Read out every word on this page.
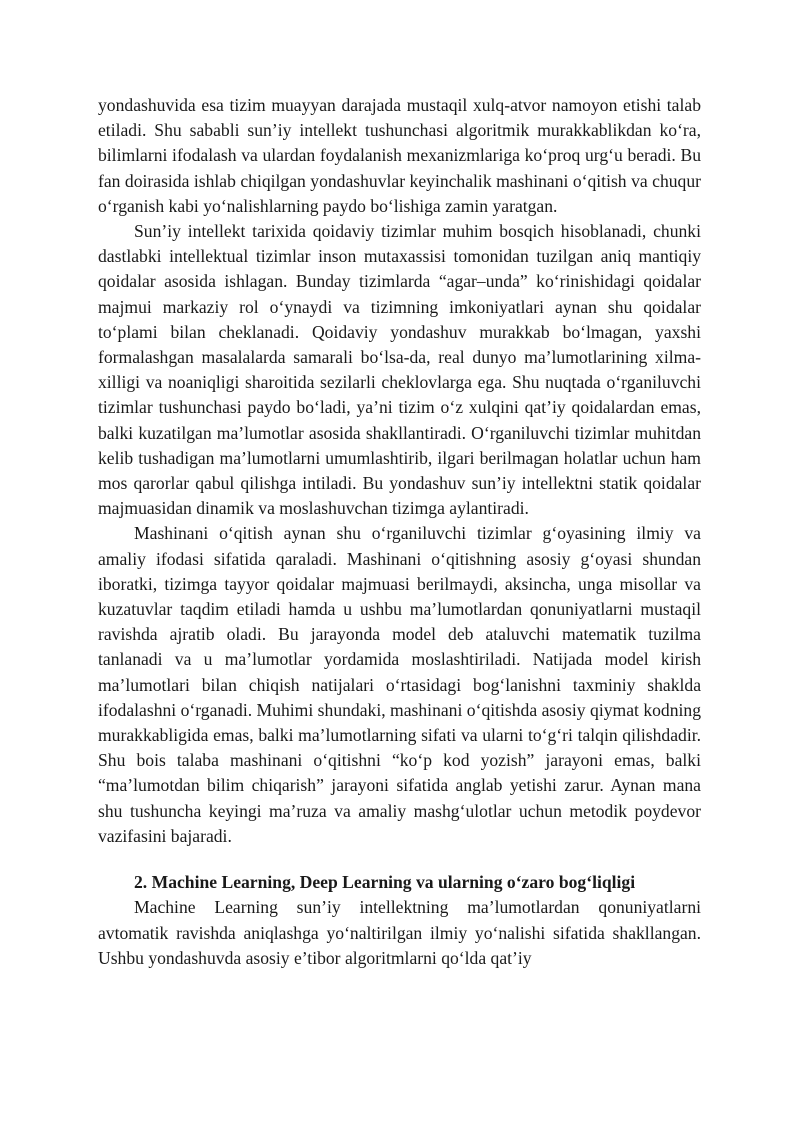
yondashuvida esa tizim muayyan darajada mustaqil xulq-atvor namoyon etishi talab etiladi. Shu sababli sun’iy intellekt tushunchasi algoritmik murakkablikdan ko‘ra, bilimlarni ifodalash va ulardan foydalanish mexanizmlariga ko‘proq urg‘u beradi. Bu fan doirasida ishlab chiqilgan yondashuvlar keyinchalik mashinani o‘qitish va chuqur o‘rganish kabi yo‘nalishlarning paydo bo‘lishiga zamin yaratgan.

Sun’iy intellekt tarixida qoidaviy tizimlar muhim bosqich hisoblanadi, chunki dastlabki intellektual tizimlar inson mutaxassisi tomonidan tuzilgan aniq mantiqiy qoidalar asosida ishlagan. Bunday tizimlarda “agar–unda” ko‘rinishidagi qoidalar majmui markaziy rol o‘ynaydi va tizimning imkoniyatlari aynan shu qoidalar to‘plami bilan cheklanadi. Qoidaviy yondashuv murakkab bo‘lmagan, yaxshi formalashgan masalalarda samarali bo‘lsa-da, real dunyo ma’lumotlarining xilma-xilligi va noaniqligi sharoitida sezilarli cheklovlarga ega. Shu nuqtada o‘rganiluvchi tizimlar tushunchasi paydo bo‘ladi, ya’ni tizim o‘z xulqini qat’iy qoidalardan emas, balki kuzatilgan ma’lumotlar asosida shakllantiradi. O‘rganiluvchi tizimlar muhitdan kelib tushadigan ma’lumotlarni umumlashtirib, ilgari berilmagan holatlar uchun ham mos qarorlar qabul qilishga intiladi. Bu yondashuv sun’iy intellektni statik qoidalar majmuasidan dinamik va moslashuvchan tizimga aylantiradi.

Mashinani o‘qitish aynan shu o‘rganiluvchi tizimlar g‘oyasining ilmiy va amaliy ifodasi sifatida qaraladi. Mashinani o‘qitishning asosiy g‘oyasi shundan iboratki, tizimga tayyor qoidalar majmuasi berilmaydi, aksincha, unga misollar va kuzatuvlar taqdim etiladi hamda u ushbu ma’lumotlardan qonuniyatlarni mustaqil ravishda ajratib oladi. Bu jarayonda model deb ataluvchi matematik tuzilma tanlanadi va u ma’lumotlar yordamida moslashtiriladi. Natijada model kirish ma’lumotlari bilan chiqish natijalari o‘rtasidagi bog‘lanishni taxminiy shaklda ifodalashni o‘rganadi. Muhimi shundaki, mashinani o‘qitishda asosiy qiymat kodning murakkabligida emas, balki ma’lumotlarning sifati va ularni to‘g‘ri talqin qilishdadir. Shu bois talaba mashinani o‘qitishni “ko‘p kod yozish” jarayoni emas, balki “ma’lumotdan bilim chiqarish” jarayoni sifatida anglab yetishi zarur. Aynan mana shu tushuncha keyingi ma’ruza va amaliy mashg‘ulotlar uchun metodik poydevor vazifasini bajaradi.

2. Machine Learning, Deep Learning va ularning o‘zaro bog‘liqligi

Machine Learning sun’iy intellektning ma’lumotlardan qonuniyatlarni avtomatik ravishda aniqlashga yo‘naltirilgan ilmiy yo‘nalishi sifatida shakllangan. Ushbu yondashuvda asosiy e’tibor algoritmlarni qo‘lda qat’iy
